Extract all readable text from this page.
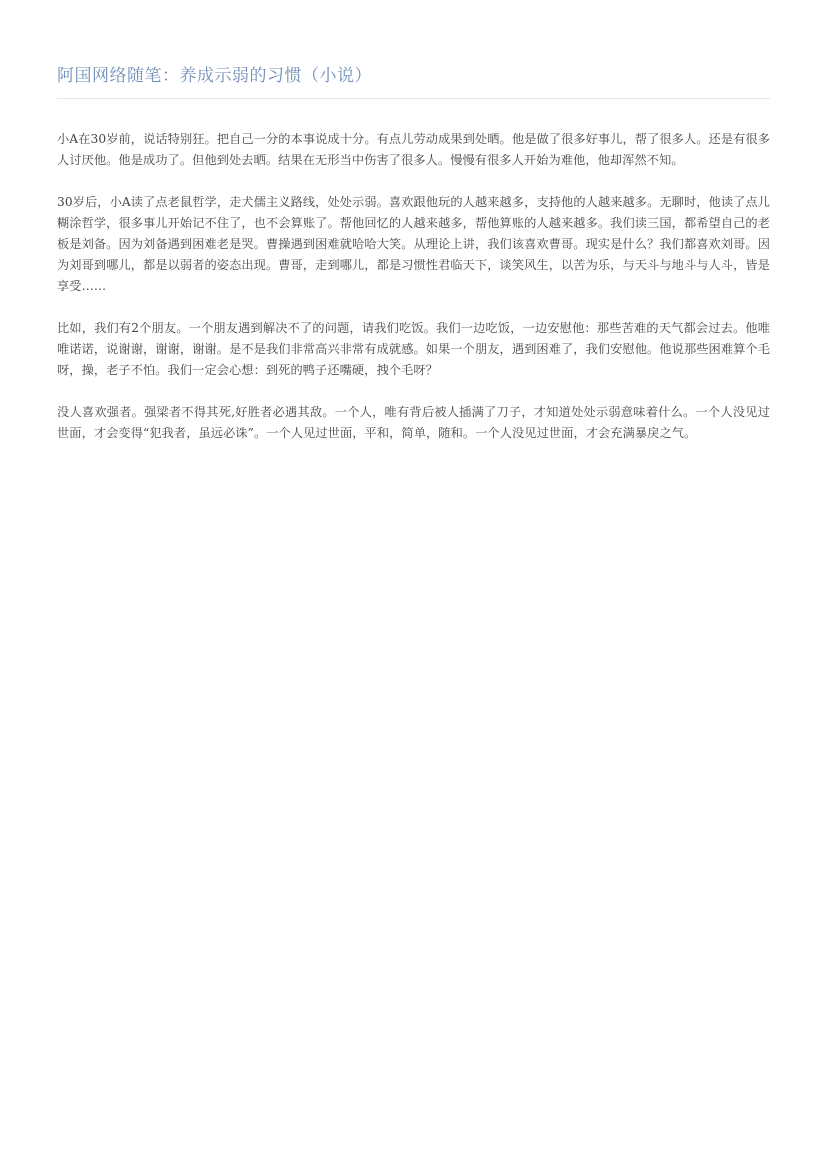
阿国网络随笔：养成示弱的习惯（小说）

小A在30岁前，说话特别狂。把自己一分的本事说成十分。有点儿劳动成果到处晒。他是做了很多好事儿，帮了很多人。还是有很多人讨厌他。他是成功了。但他到处去晒。结果在无形当中伤害了很多人。慢慢有很多人开始为难他，他却浑然不知。

30岁后，小A读了点老鼠哲学，走犬儒主义路线，处处示弱。喜欢跟他玩的人越来越多，支持他的人越来越多。无聊时，他读了点儿糊涂哲学，很多事儿开始记不住了，也不会算账了。帮他回忆的人越来越多，帮他算账的人越来越多。我们读三国，都希望自己的老板是刘备。因为刘备遇到困难老是哭。曹操遇到困难就哈哈大笑。从理论上讲，我们该喜欢曹哥。现实是什么？我们都喜欢刘哥。因为刘哥到哪儿，都是以弱者的姿态出现。曹哥，走到哪儿，都是习惯性君临天下，谈笑风生，以苦为乐，与天斗与地斗与人斗，皆是享受……

比如，我们有2个朋友。一个朋友遇到解决不了的问题，请我们吃饭。我们一边吃饭，一边安慰他：那些苦难的天气都会过去。他唯唯诺诺，说谢谢，谢谢，谢谢。是不是我们非常高兴非常有成就感。如果一个朋友，遇到困难了，我们安慰他。他说那些困难算个毛呀，操，老子不怕。我们一定会心想：到死的鸭子还嘴硬，拽个毛呀？

没人喜欢强者。强梁者不得其死,好胜者必遇其敌。一个人，唯有背后被人插满了刀子，才知道处处示弱意味着什么。一个人没见过世面，才会变得“犯我者，虽远必诛”。一个人见过世面，平和，简单，随和。一个人没见过世面，才会充满暴戾之气。
